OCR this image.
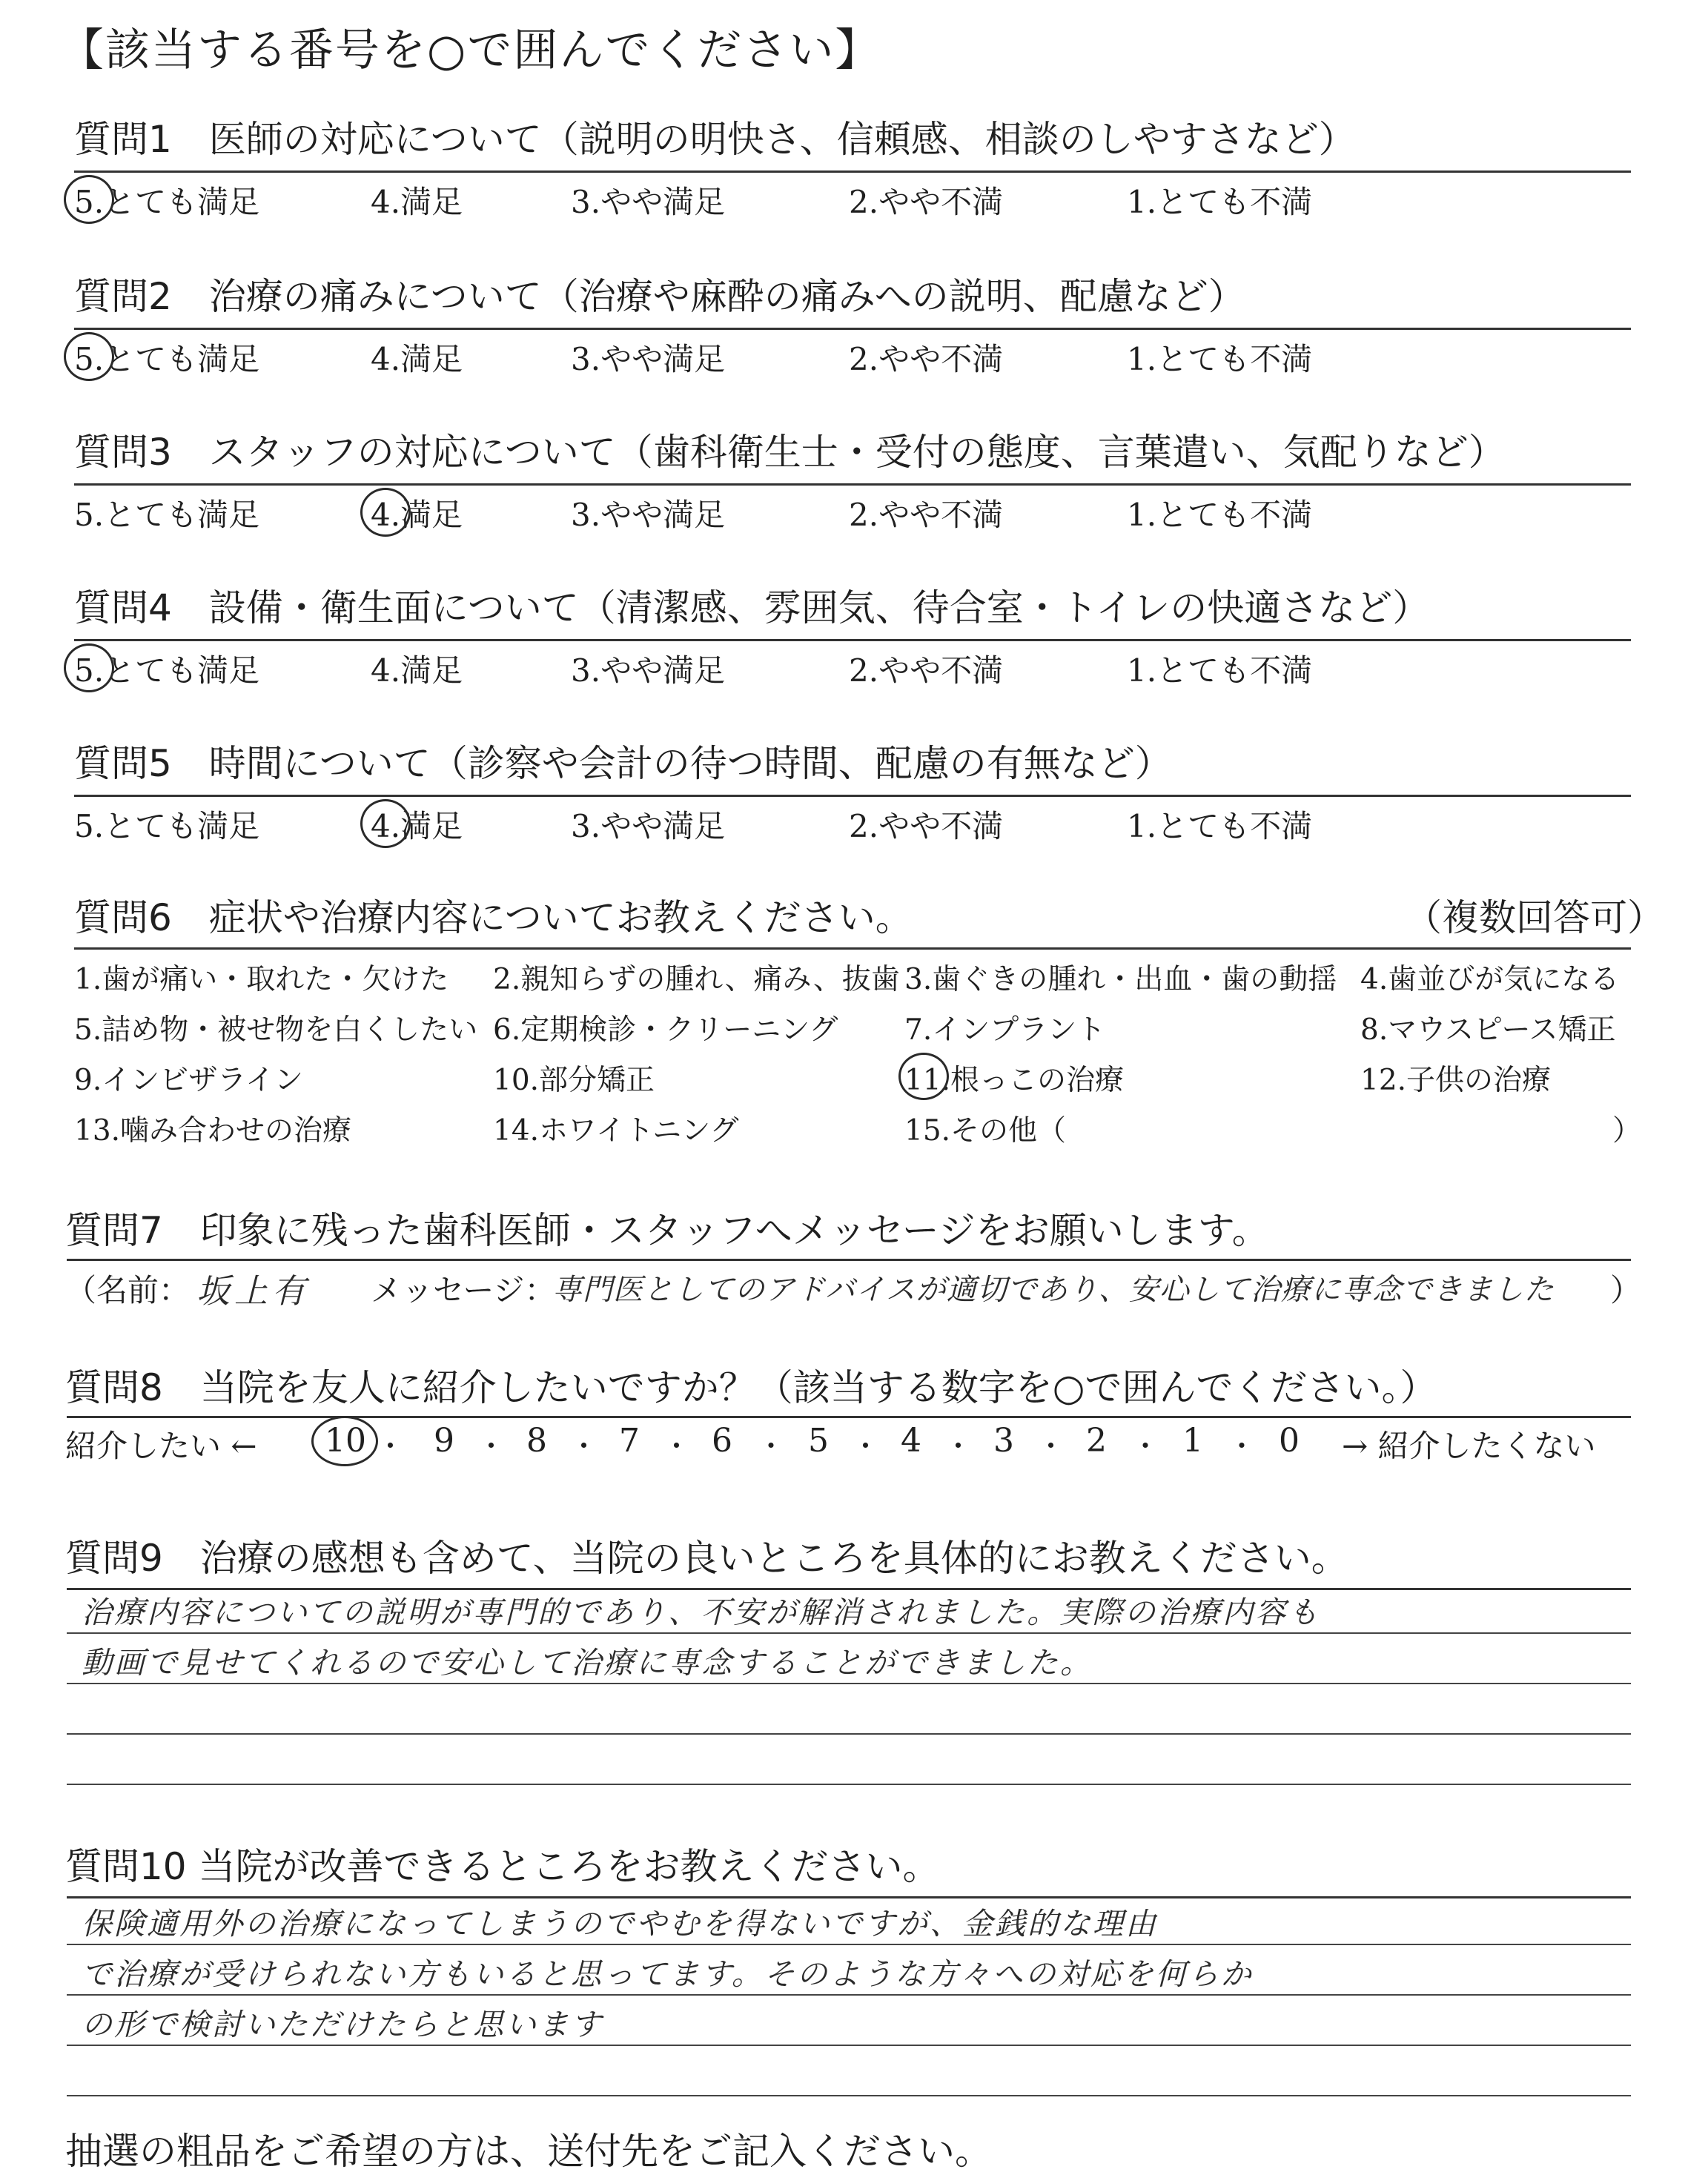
【該当する番号を○で囲んでください】
質問1　医師の対応について（説明の明快さ、信頼感、相談のしやすさなど）
5.とても満足	4.満足	3.やや満足	2.やや不満	1.とても不満
質問2　治療の痛みについて（治療や麻酔の痛みへの説明、配慮など）
5.とても満足	4.満足	3.やや満足	2.やや不満	1.とても不満
質問3　スタッフの対応について（歯科衛生士・受付の態度、言葉遣い、気配りなど）
5.とても満足	4.満足	3.やや満足	2.やや不満	1.とても不満
質問4　設備・衛生面について（清潔感、雰囲気、待合室・トイレの快適さなど）
5.とても満足	4.満足	3.やや満足	2.やや不満	1.とても不満
質問5　時間について（診察や会計の待つ時間、配慮の有無など）
5.とても満足	4.満足	3.やや満足	2.やや不満	1.とても不満
質問6　症状や治療内容についてお教えください。	（複数回答可）
1.歯が痛い・取れた・欠けた 2.親知らずの腫れ、痛み、抜歯 3.歯ぐきの腫れ・出血・歯の動揺 4.歯並びが気になる
5.詰め物・被せ物を白くしたい 6.定期検診・クリーニング 7.インプラント	8.マウスピース矯正
9.インビザライン	10.部分矯正	11.根っこの治療	12.子供の治療
13.噛み合わせの治療	14.ホワイトニング	15.その他（	）
質問7　印象に残った歯科医師・スタッフへメッセージをお願いします。
（名前： 坂上有 メッセージ：
専門医としてのアドバイスが適切であり、安心して治療に専念できました ）
質問8　当院を友人に紹介したいですか？（該当する数字を○で囲んでください。）
紹介したい ← 10 ・ 9 ・ 8 ・ 7 ・ 6 ・ 5 ・ 4 ・ 3 ・ 2 ・ 1 ・ 0 → 紹介したくない
質問9　治療の感想も含めて、当院の良いところを具体的にお教えください。
治療内容についての説明が専門的であり、不安が解消されました。実際の治療内容も
動画で見せてくれるので安心して治療に専念することができました。
質問10 当院が改善できるところをお教えください。
保険適用外の治療になってしまうのでやむを得ないですが、金銭的な理由
で治療が受けられない方もいると思ってます。そのような方々への対応を何らか
の形で検討いただけたらと思います
抽選の粗品をご希望の方は、送付先をご記入ください。
